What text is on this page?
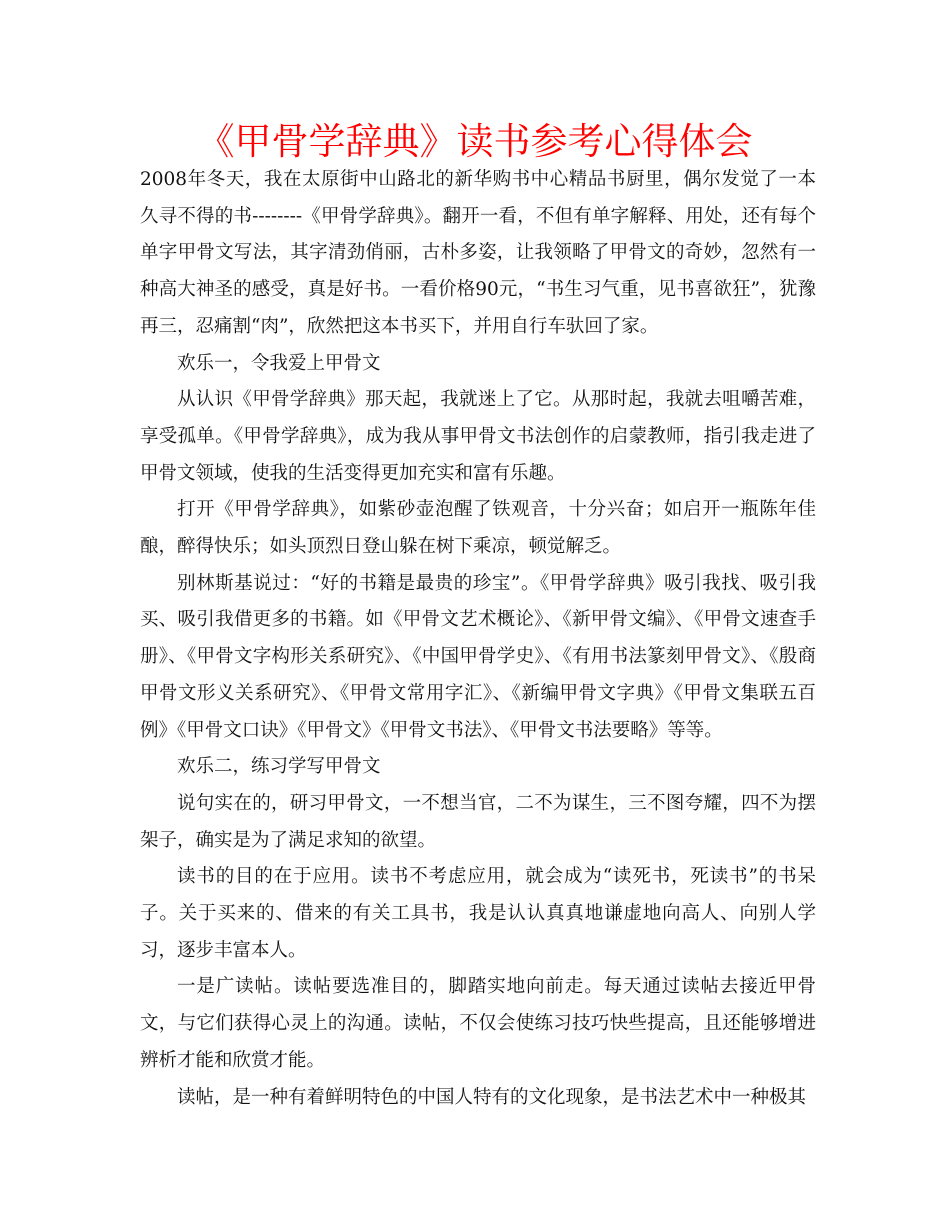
《甲骨学辞典》读书参考心得体会

2008年冬天，我在太原街中山路北的新华购书中心精品书厨里，偶尔发觉了一本久寻不得的书--------《甲骨学辞典》。翻开一看，不但有单字解释、用处，还有每个单字甲骨文写法，其字清劲俏丽，古朴多姿，让我领略了甲骨文的奇妙，忽然有一种高大神圣的感受，真是好书。一看价格90元，“书生习气重，见书喜欲狂”，犹豫再三，忍痛割“肉”，欣然把这本书买下，并用自行车驮回了家。

欢乐一，令我爱上甲骨文

从认识《甲骨学辞典》那天起，我就迷上了它。从那时起，我就去咀嚼苦难，享受孤单。《甲骨学辞典》，成为我从事甲骨文书法创作的启蒙教师，指引我走进了甲骨文领域，使我的生活变得更加充实和富有乐趣。

打开《甲骨学辞典》，如紫砂壶泡醒了铁观音，十分兴奋；如启开一瓶陈年佳酿，醉得快乐；如头顶烈日登山躲在树下乘凉，顿觉解乏。

别林斯基说过：“好的书籍是最贵的珍宝”。《甲骨学辞典》吸引我找、吸引我买、吸引我借更多的书籍。如《甲骨文艺术概论》、《新甲骨文编》、《甲骨文速查手册》、《甲骨文字构形关系研究》、《中国甲骨学史》、《有用书法篆刻甲骨文》、《殷商甲骨文形义关系研究》、《甲骨文常用字汇》、《新编甲骨文字典》《甲骨文集联五百例》《甲骨文口诀》《甲骨文》《甲骨文书法》、《甲骨文书法要略》等等。

欢乐二，练习学写甲骨文

说句实在的，研习甲骨文，一不想当官，二不为谋生，三不图夸耀，四不为摆架子，确实是为了满足求知的欲望。

读书的目的在于应用。读书不考虑应用，就会成为“读死书，死读书”的书呆子。关于买来的、借来的有关工具书，我是认认真真地谦虚地向高人、向别人学习，逐步丰富本人。

一是广读帖。读帖要选准目的，脚踏实地向前走。每天通过读帖去接近甲骨文，与它们获得心灵上的沟通。读帖，不仅会使练习技巧快些提高，且还能够增进辨析才能和欣赏才能。

读帖，是一种有着鲜明特色的中国人特有的文化现象，是书法艺术中一种极其
